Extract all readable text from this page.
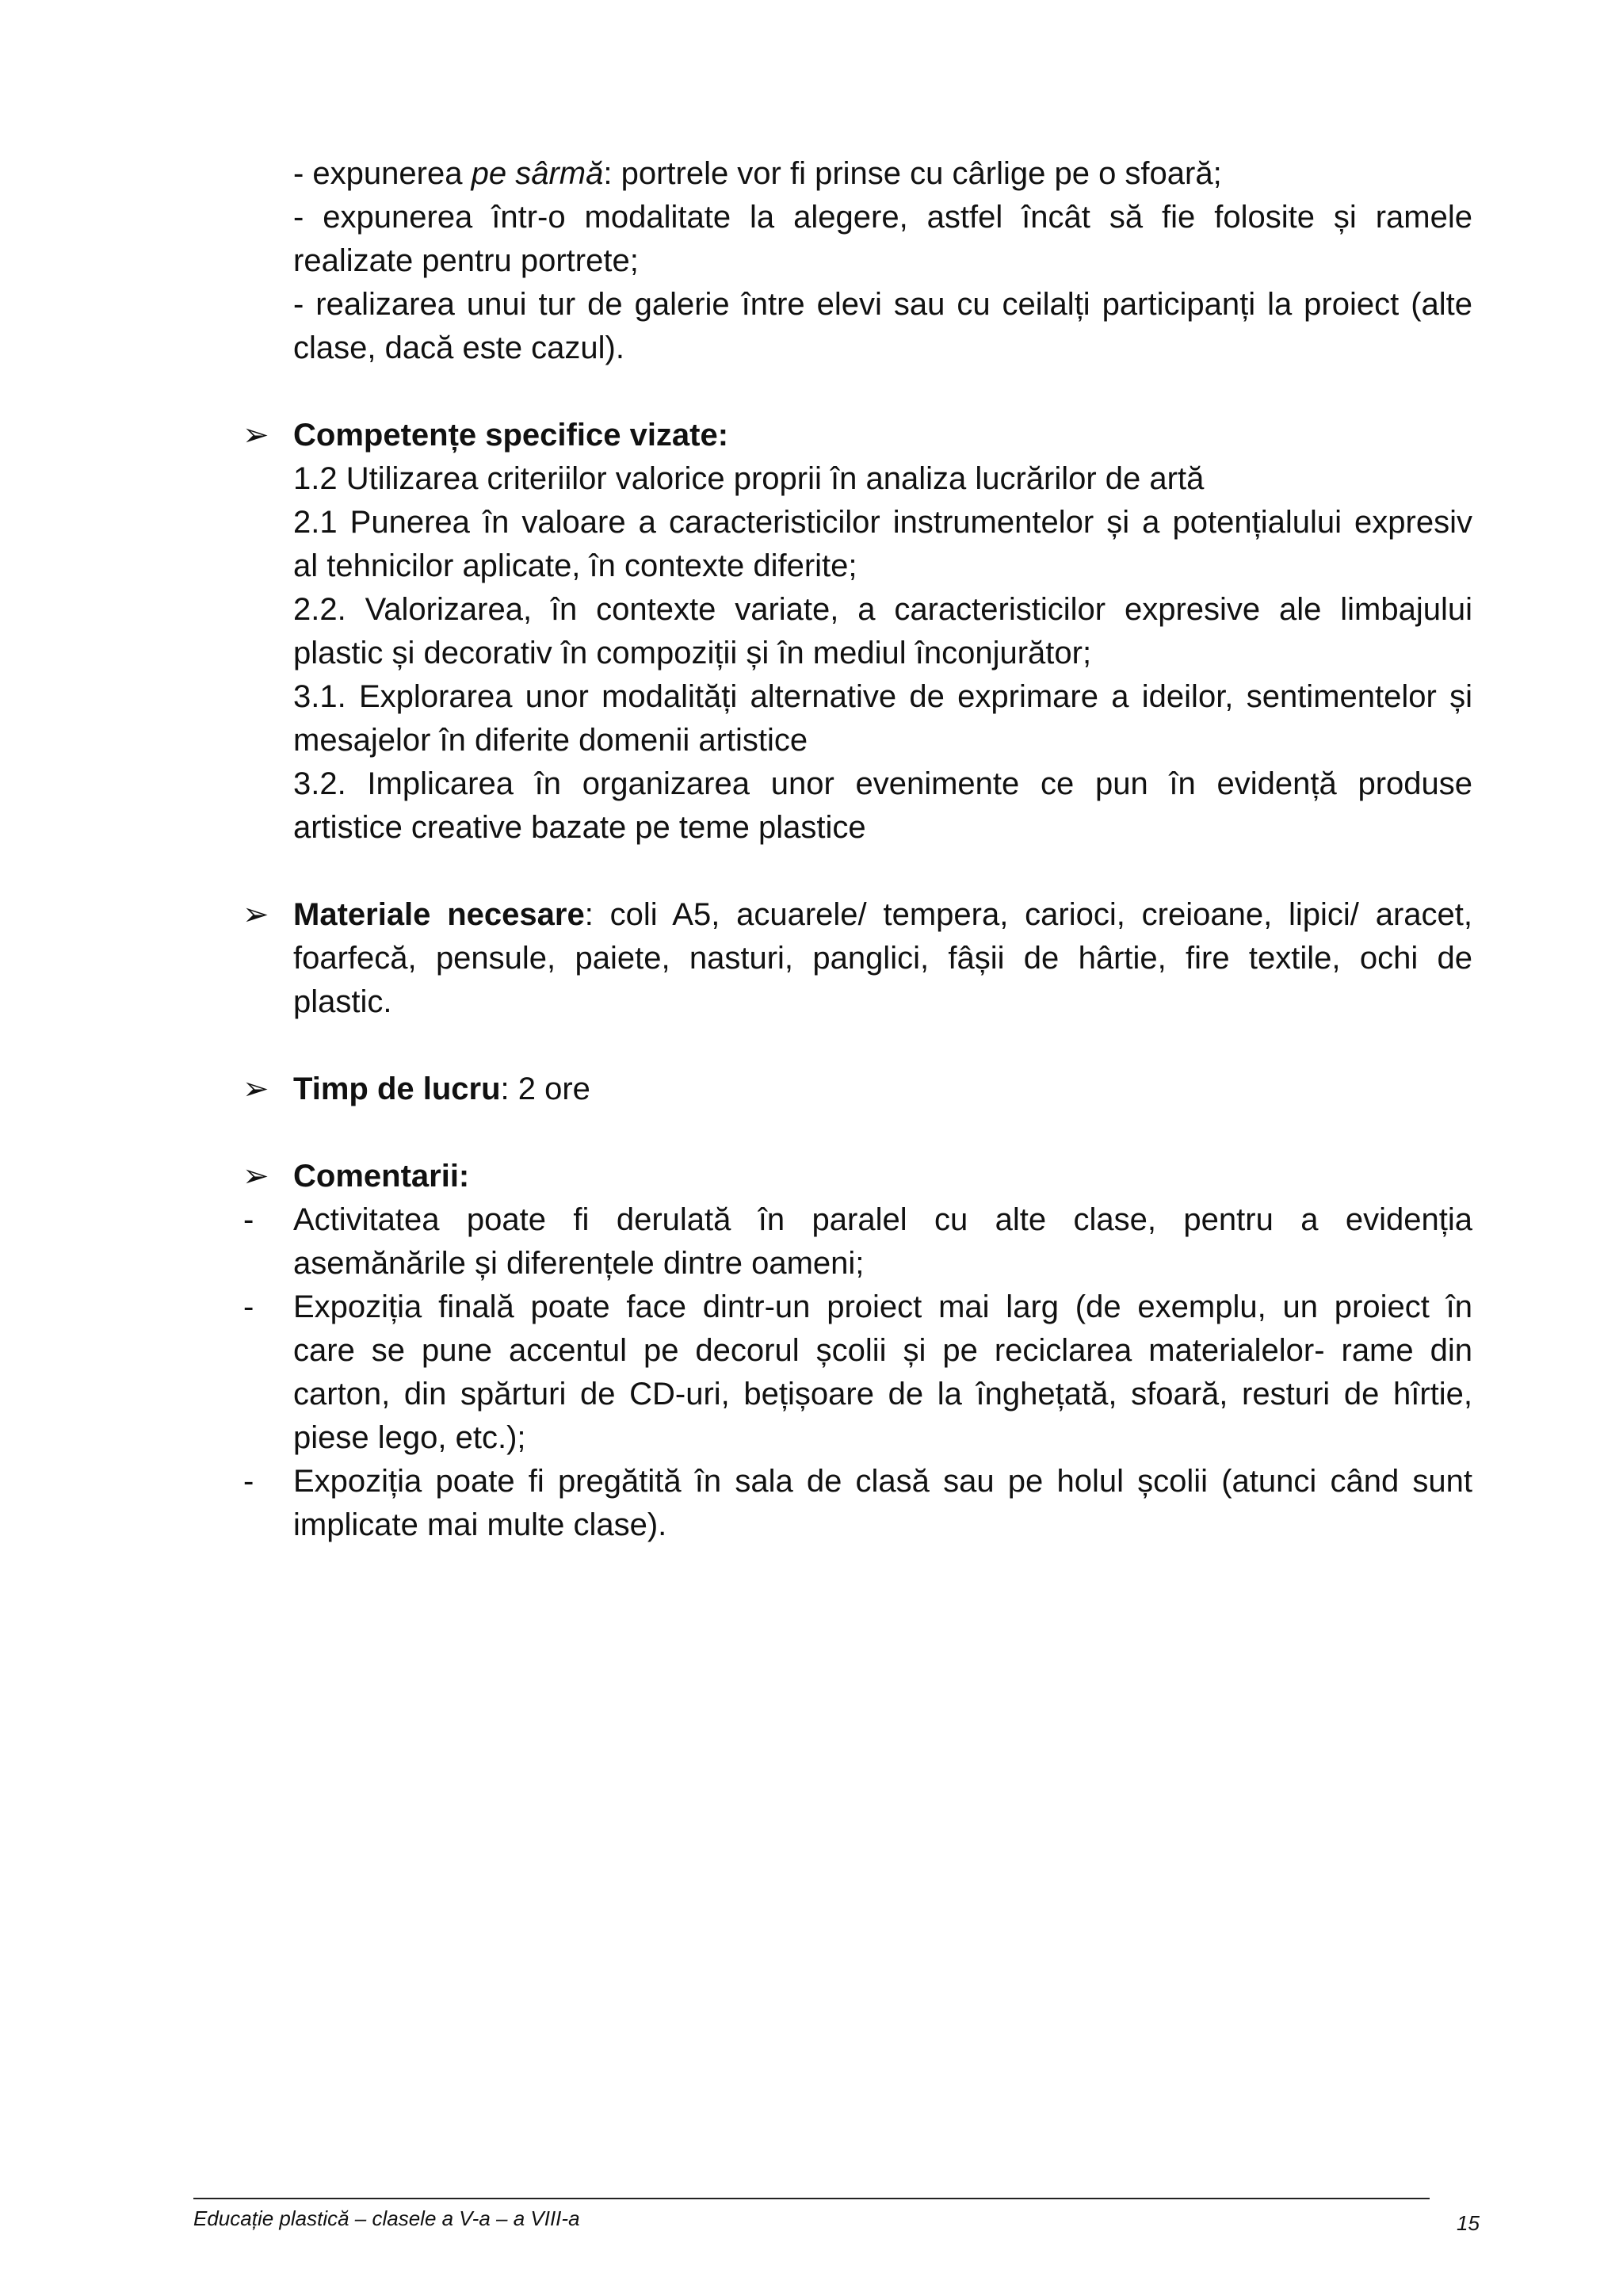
- expunerea pe sârmă: portrele vor fi prinse cu cârlige pe o sfoară;
- expunerea într-o modalitate la alegere, astfel încât să fie folosite și ramele
realizate pentru portrete;
- realizarea unui tur de galerie între elevi sau cu ceilalți participanți la proiect (alte
clase, dacă este cazul).
➢ Competențe specifice vizate:
1.2 Utilizarea criteriilor valorice proprii în analiza lucrărilor de artă
2.1 Punerea în valoare a caracteristicilor instrumentelor și a potențialului expresiv
al tehnicilor aplicate, în contexte diferite;
2.2. Valorizarea, în contexte variate, a caracteristicilor expresive ale limbajului
plastic și decorativ în compoziții și în mediul înconjurător;
3.1. Explorarea unor modalități alternative de exprimare a ideilor, sentimentelor și
mesajelor în diferite domenii artistice
3.2. Implicarea în organizarea unor evenimente ce pun în evidență produse
artistice creative bazate pe teme plastice
➢ Materiale necesare: coli A5, acuarele/ tempera, carioci, creioane, lipici/ aracet,
foarfecă, pensule, paiete, nasturi, panglici, fâșii de hârtie, fire textile, ochi de
plastic.
➢ Timp de lucru: 2 ore
➢ Comentarii:
- Activitatea poate fi derulată în paralel cu alte clase, pentru a evidenția
asemănările și diferențele dintre oameni;
- Expoziția finală poate face dintr-un proiect mai larg (de exemplu, un proiect în
care se pune accentul pe decorul școlii și pe reciclarea materialelor- rame din
carton, din spărturi de CD-uri, bețișoare de la înghețată, sfoară, resturi de hîrtie,
piese lego, etc.);
- Expoziția poate fi pregătită în sala de clasă sau pe holul școlii (atunci când sunt
implicate mai multe clase).
Educație plastică – clasele a V-a – a VIII-a	15
